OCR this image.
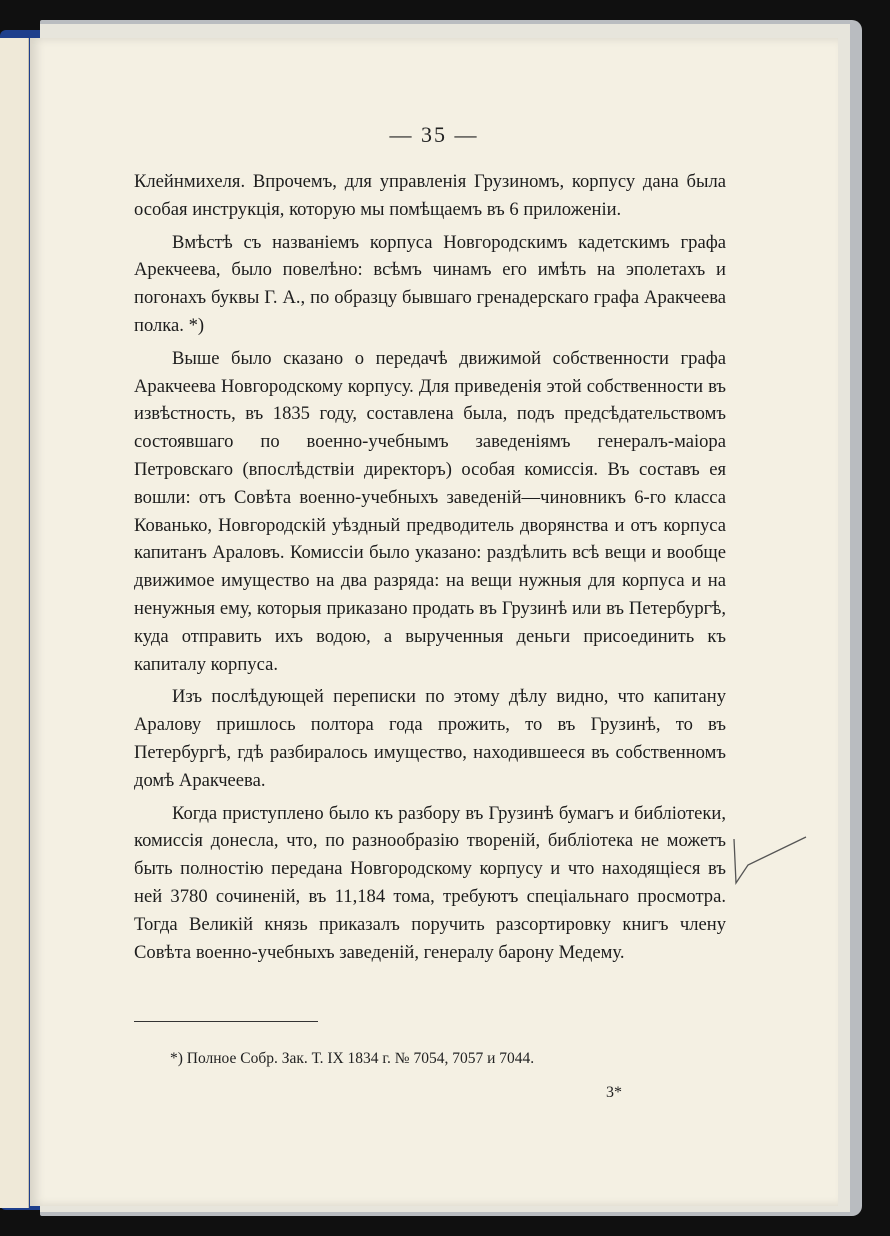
— 35 —

Клейнмихеля. Впрочемъ, для управленія Грузиномъ, корпусу дана была особая инструкція, которую мы помѣщаемъ въ 6 приложеніи.

Вмѣстѣ съ названіемъ корпуса Новгородскимъ кадетскимъ графа Арекчеева, было повелѣно: всѣмъ чинамъ его имѣть на эполетахъ и погонахъ буквы Г. А., по образцу бывшаго гренадерскаго графа Аракчеева полка. *)

Выше было сказано о передачѣ движимой собственности графа Аракчеева Новгородскому корпусу. Для приведенія этой собственности въ извѣстность, въ 1835 году, составлена была, подъ предсѣдательствомъ состоявшаго по военно-учебнымъ заведеніямъ генералъ-маіора Петровскаго (впослѣдствіи директоръ) особая комиссія. Въ составъ ея вошли: отъ Совѣта военно-учебныхъ заведеній—чиновникъ 6-го класса Кованько, Новгородскій уѣздный предводитель дворянства и отъ корпуса капитанъ Араловъ. Комиссіи было указано: раздѣлить всѣ вещи и вообще движимое имущество на два разряда: на вещи нужныя для корпуса и на ненужныя ему, которыя приказано продать въ Грузинѣ или въ Петербургѣ, куда отправить ихъ водою, а вырученныя деньги присоединить къ капиталу корпуса.

Изъ послѣдующей переписки по этому дѣлу видно, что капитану Аралову пришлось полтора года прожить, то въ Грузинѣ, то въ Петербургѣ, гдѣ разбиралось имущество, находившееся въ собственномъ домѣ Аракчеева.

Когда приступлено было къ разбору въ Грузинѣ бумагъ и библіотеки, комиссія донесла, что, по разнообразію твореній, библіотека не можетъ быть полностію передана Новгородскому корпусу и что находящіеся въ ней 3780 сочиненій, въ 11,184 тома, требуютъ спеціальнаго просмотра. Тогда Великій князь приказалъ поручить разсортировку книгъ члену Совѣта военно-учебныхъ заведеній, генералу барону Медему.

*) Полное Собр. Зак. Т. IX 1834 г. № 7054, 7057 и 7044.
3*
